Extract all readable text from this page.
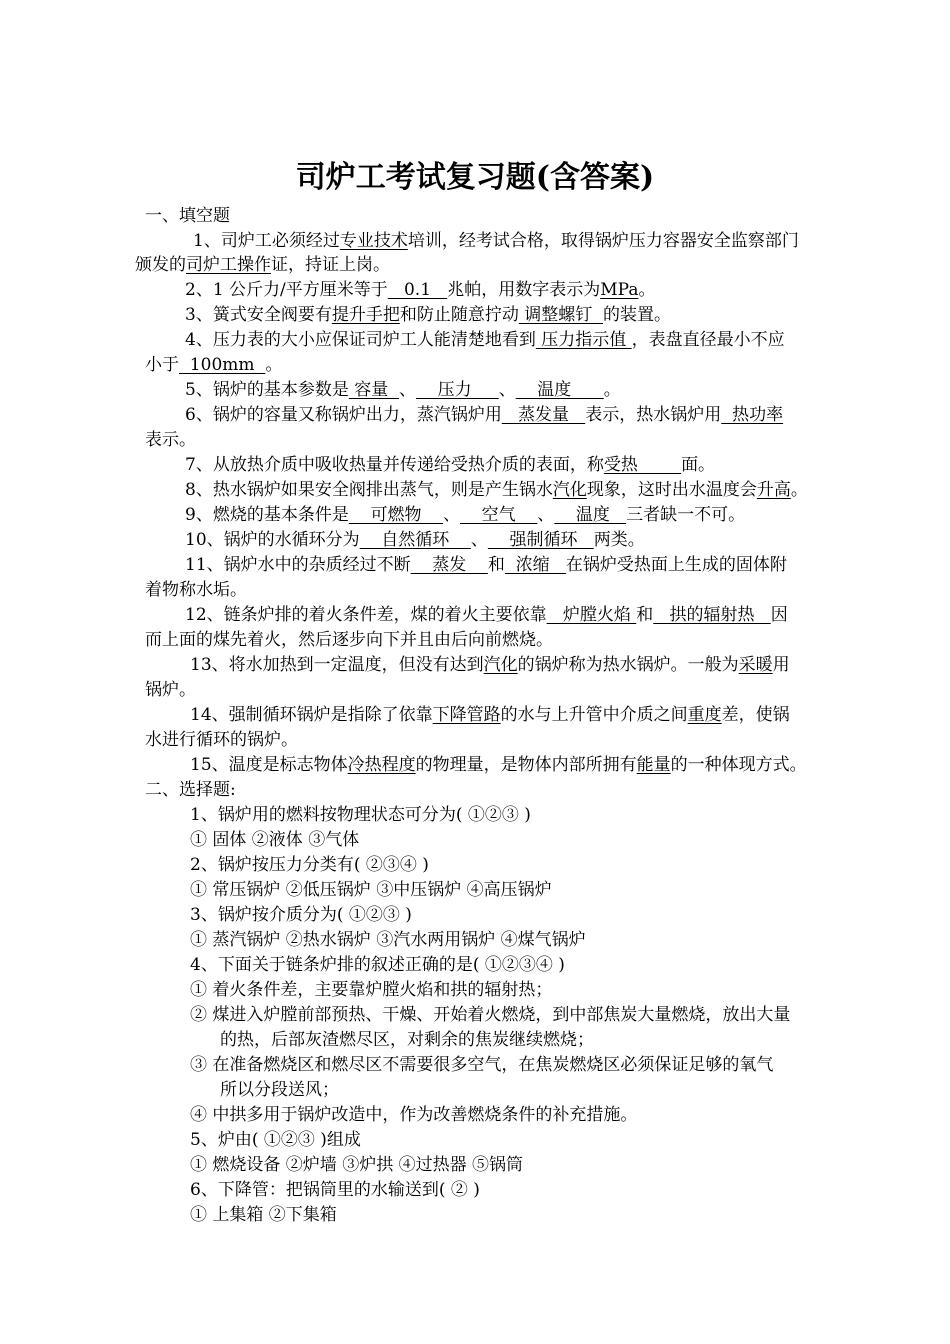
司炉工考试复习题(含答案)
一、填空题
1、司炉工必须经过专业技术培训，经考试合格，取得锅炉压力容器安全监察部门
颁发的司炉工操作证，持证上岗。
2、1 公斤力/平方厘米等于   0.1   兆帕，用数字表示为MPa。
3、簧式安全阀要有提升手把和防止随意拧动 调整螺钉  的装置。
4、压力表的大小应保证司炉工人能清楚地看到 压力指示值 ，表盘直径最小不应
小于  100mm  。
5、锅炉的基本参数是 容量  、    压力     、    温度      。
6、锅炉的容量又称锅炉出力，蒸汽锅炉用   蒸发量   表示，热水锅炉用  热功率
表示。
7、从放热介质中吸收热量并传递给受热介质的表面，称受热        面。
8、热水锅炉如果安全阀排出蒸气，则是产生锅水汽化现象，这时出水温度会升高。
9、燃烧的基本条件是    可燃物    、    空气    、    温度   三者缺一不可。
10、锅炉的水循环分为    自然循环    、    强制循环   两类。
11、锅炉水中的杂质经过不断    蒸发    和  浓缩   在锅炉受热面上生成的固体附
着物称水垢。
12、链条炉排的着火条件差，煤的着火主要依靠   炉膛火焰 和   拱的辐射热   因
而上面的煤先着火，然后逐步向下并且由后向前燃烧。
13、将水加热到一定温度，但没有达到汽化的锅炉称为热水锅炉。一般为采暖用
锅炉。
14、强制循环锅炉是指除了依靠下降管路的水与上升管中介质之间重度差，使锅
水进行循环的锅炉。
15、温度是标志物体冷热程度的物理量，是物体内部所拥有能量的一种体现方式。
二、选择题:
1、锅炉用的燃料按物理状态可分为( ①②③ )
① 固体 ②液体 ③气体
2、锅炉按压力分类有( ②③④ )
① 常压锅炉 ②低压锅炉 ③中压锅炉 ④高压锅炉
3、锅炉按介质分为( ①②③ )
① 蒸汽锅炉 ②热水锅炉 ③汽水两用锅炉 ④煤气锅炉
4、下面关于链条炉排的叙述正确的是( ①②③④ )
① 着火条件差，主要靠炉膛火焰和拱的辐射热；
② 煤进入炉膛前部预热、干燥、开始着火燃烧，到中部焦炭大量燃烧，放出大量
的热，后部灰渣燃尽区，对剩余的焦炭继续燃烧；
③ 在准备燃烧区和燃尽区不需要很多空气，在焦炭燃烧区必须保证足够的氧气
所以分段送风；
④ 中拱多用于锅炉改造中，作为改善燃烧条件的补充措施。
5、炉由( ①②③ )组成
① 燃烧设备 ②炉墙 ③炉拱 ④过热器 ⑤锅筒
6、下降管：把锅筒里的水输送到( ② )
① 上集箱 ②下集箱
